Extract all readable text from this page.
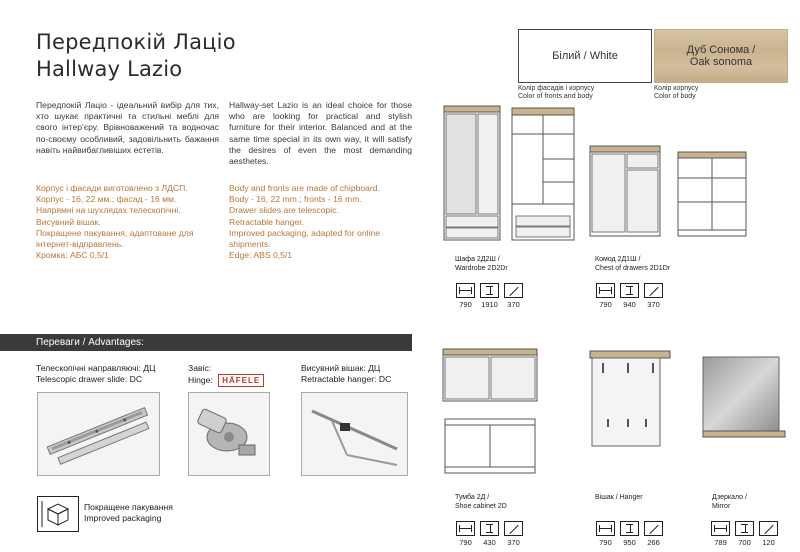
Передпокій Лаціо
Hallway Lazio
Білий / White
Колір фасадів і корпусу
Color of fronts and body
Дуб Сонома /
Oak sonoma
Колір корпусу
Color of body
Передпокій Лаціо - ідеальний вибір для тих, хто шукає практичні та стильні меблі для свого інтер'єру. Врівноважений та водночас по-своєму особливий, задовільнить бажання навіть найвибагливіших естетів.
Hallway-set Lazio is an ideal choice for those who are looking for practical and stylish furniture for their interior. Balanced and at the same time special in its own way, it will satisfy the desires of even the most demanding aesthetes.
Корпус і фасади виготовлено з ЛДСП.
Корпус - 16, 22 мм.; фасад - 16 мм.
Напрямні на шухлядах телескопічні.
Висувний вішак.
Покращене пакування, адаптоване для
інтернет-відправлень.
Кромка: АБС 0,5/1
Body and fronts are made of chipboard.
Body - 16, 22 mm.; fronts - 16 mm.
Drawer slides are telescopic.
Retractable hanger.
Improved packaging, adapted for online
shipments.
Edge: ABS 0,5/1
Переваги / Advantages:
Телескопічні направляючі: ДЦ
Telescopic drawer slide: DC
Завіс:
Hinge: HÄFELE
Висувний вішак: ДЦ
Retractable hanger: DC
Покращене пакування
Improved packaging
Шафа 2Д2Ш /
Wardrobe 2D2Dr
790	1910	370
Комод 2Д1Ш /
Chest of drawers 2D1Dr
790	940	370
Тумба 2Д /
Shoe cabinet 2D
790	430	370
Вішак / Hanger
790	950	266
Дзеркало /
Mirror
789	700	120
